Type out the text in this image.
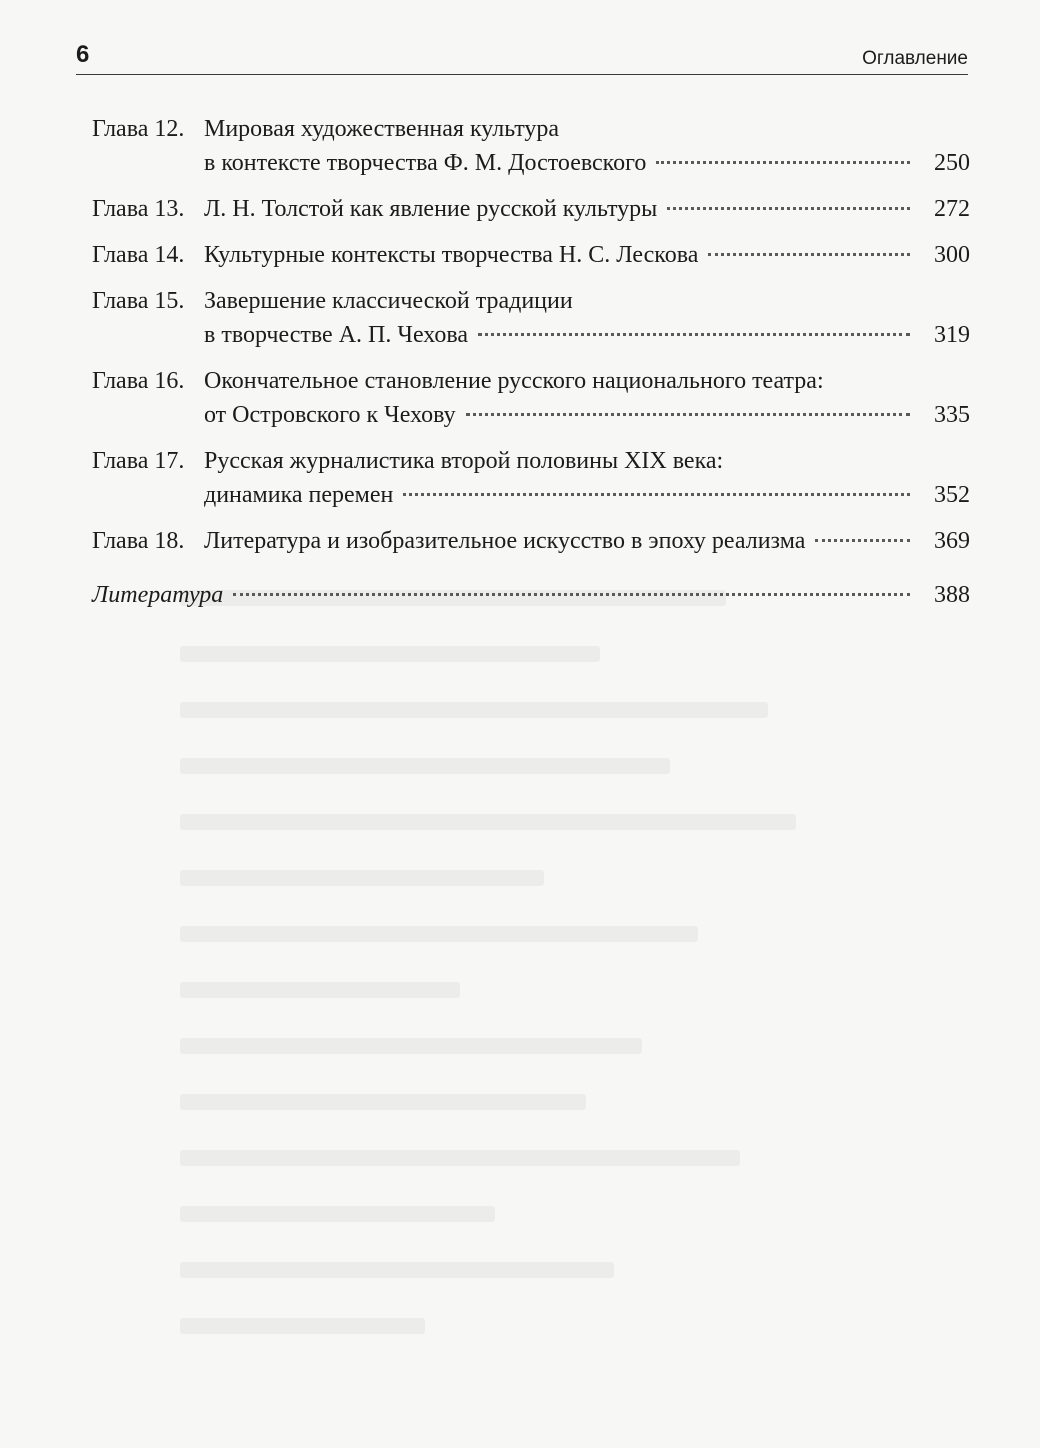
6	Оглавление
Глава 12. Мировая художественная культура
в контексте творчества Ф. М. Достоевского	250
Глава 13. Л. Н. Толстой как явление русской культуры	272
Глава 14. Культурные контексты творчества Н. С. Лескова	300
Глава 15. Завершение классической традиции
в творчестве А. П. Чехова	319
Глава 16. Окончательное становление русского национального театра:
от Островского к Чехову	335
Глава 17. Русская журналистика второй половины XIX века:
динамика перемен	352
Глава 18. Литература и изобразительное искусство в эпоху реализма	369
Литература	388
